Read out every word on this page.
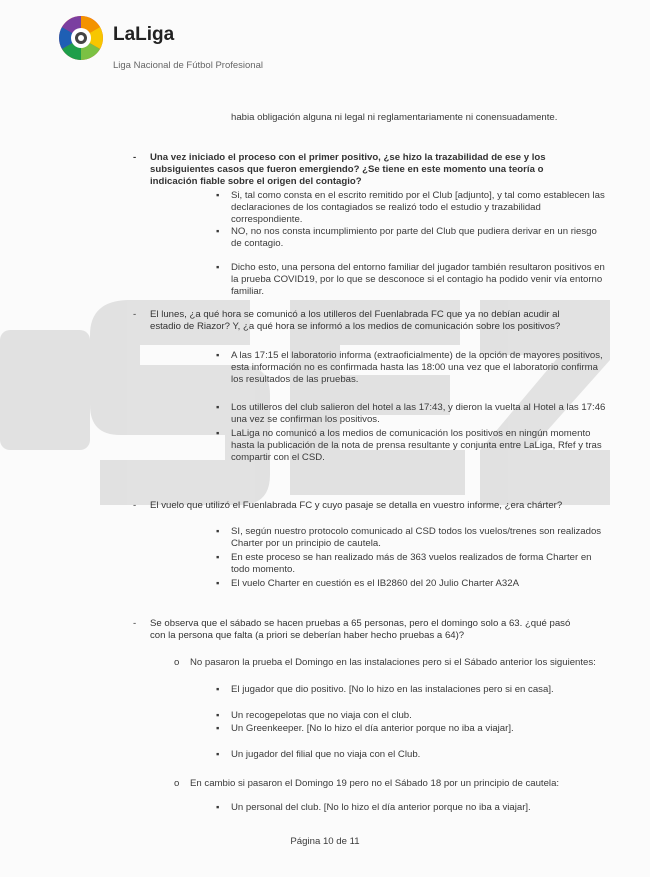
LaLiga
Liga Nacional de Fútbol Profesional
habia obligación alguna ni legal ni reglamentariamente ni conensuadamente.
- Una vez iniciado el proceso con el primer positivo, ¿se hizo la trazabilidad de ese y los subsiguientes casos que fueron emergiendo? ¿Se tiene en este momento una teoría o indicación fiable sobre el origen del contagio?
▪ Si, tal como consta en el escrito remitido por el Club [adjunto], y tal como establecen las declaraciones de los contagiados se realizó todo el estudio y trazabilidad correspondiente.
▪ NO, no nos consta incumplimiento por parte del Club que pudiera derivar en un riesgo de contagio.
▪ Dicho esto, una persona del entorno familiar del jugador también resultaron positivos en la prueba COVID19, por lo que se desconoce si el contagio ha podido venir vía entorno familiar.
- El lunes, ¿a qué hora se comunicó a los utilleros del Fuenlabrada FC que ya no debían acudir al estadio de Riazor? Y, ¿a qué hora se informó a los medios de comunicación sobre los positivos?
▪ A las 17:15 el laboratorio informa (extraoficialmente) de la opción de mayores positivos, esta información no es confirmada hasta las 18:00 una vez que el laboratorio confirma los resultados de las pruebas.
▪ Los utilleros del club salieron del hotel a las 17:43, y dieron la vuelta al Hotel a las 17:46 una vez se confirman los positivos.
▪ LaLiga no comunicó a los medios de comunicación los positivos en ningún momento hasta la publicación de la nota de prensa resultante y conjunta entre LaLiga, Rfef y tras compartir con el CSD.
- El vuelo que utilizó el Fuenlabrada FC y cuyo pasaje se detalla en vuestro informe, ¿era chárter?
▪ SI, según nuestro protocolo comunicado al CSD todos los vuelos/trenes son realizados Charter por un principio de cautela.
▪ En este proceso se han realizado más de 363 vuelos realizados de forma Charter en todo momento.
▪ El vuelo Charter en cuestión es el IB2860 del 20 Julio Charter A32A
- Se observa que el sábado se hacen pruebas a 65 personas, pero el domingo solo a 63. ¿qué pasó con la persona que falta (a priori se deberían haber hecho pruebas a 64)?
o No pasaron la prueba el Domingo en las instalaciones pero si el Sábado anterior los siguientes:
▪ El jugador que dio positivo. [No lo hizo en las instalaciones pero si en casa].
▪ Un recogepelotas que no viaja con el club.
▪ Un Greenkeeper. [No lo hizo el día anterior porque no iba a viajar].
▪ Un jugador del filial que no viaja con el Club.
o En cambio si pasaron el Domingo 19 pero no el Sábado 18 por un principio de cautela:
▪ Un personal del club. [No lo hizo el día anterior porque no iba a viajar].
Página 10 de 11
